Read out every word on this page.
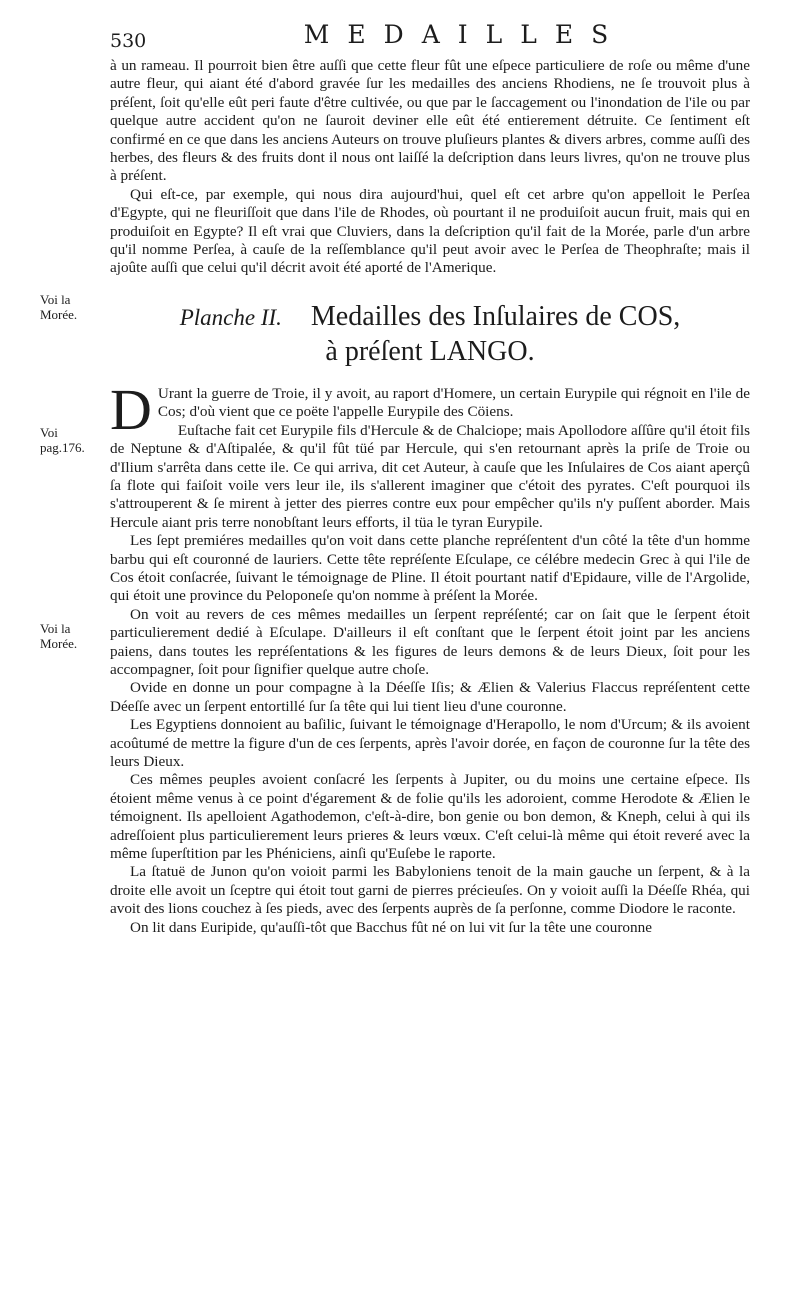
530	MEDAILLES
Voi la Morée.
Voi pag.176.
Voi la Morée.

à un rameau. Il pourroit bien être auſſi que cette fleur fût une eſpece particuliere de roſe ou même d'une autre fleur, qui aiant été d'abord gravée ſur les medailles des anciens Rhodiens, ne ſe trouvoit plus à préſent, ſoit qu'elle eût peri faute d'être cultivée, ou que par le ſaccagement ou l'inondation de l'ile ou par quelque autre accident qu'on ne ſauroit deviner elle eût été entierement détruite. Ce ſentiment eſt confirmé en ce que dans les anciens Auteurs on trouve pluſieurs plantes & divers arbres, comme auſſi des herbes, des fleurs & des fruits dont il nous ont laiſſé la deſcription dans leurs livres, qu'on ne trouve plus à préſent.

Qui eſt-ce, par exemple, qui nous dira aujourd'hui, quel eſt cet arbre qu'on appelloit le Perſea d'Egypte, qui ne fleuriſſoit que dans l'ile de Rhodes, où pourtant il ne produiſoit aucun fruit, mais qui en produiſoit en Egypte? Il eſt vrai que Cluviers, dans la deſcription qu'il fait de la Morée, parle d'un arbre qu'il nomme Perſea, à cauſe de la reſſemblance qu'il peut avoir avec le Perſea de Theophraſte; mais il ajoûte auſſi que celui qu'il décrit avoit été aporté de l'Amerique.

Planche II. Medailles des Inſulaires de COS,
à préſent LANGO.

D Urant la guerre de Troie, il y avoit, au raport d'Homere, un certain Eurypile qui régnoit en l'ile de Cos; d'où vient que ce poëte l'appelle Eurypile des Cöiens.

Euſtache fait cet Eurypile fils d'Hercule & de Chalciope; mais Apollodore aſſûre qu'il étoit fils de Neptune & d'Aſtipalée, & qu'il fût tüé par Hercule, qui s'en retournant après la priſe de Troie ou d'Ilium s'arrêta dans cette ile. Ce qui arriva, dit cet Auteur, à cauſe que les Inſulaires de Cos aiant aperçû ſa flote qui faiſoit voile vers leur ile, ils s'allerent imaginer que c'étoit des pyrates. C'eſt pourquoi ils s'attrouperent & ſe mirent à jetter des pierres contre eux pour empêcher qu'ils n'y puſſent aborder. Mais Hercule aiant pris terre nonobſtant leurs efforts, il tüa le tyran Eurypile.

Les ſept premiéres medailles qu'on voit dans cette planche repréſentent d'un côté la tête d'un homme barbu qui eſt couronné de lauriers. Cette tête repréſente Eſculape, ce célébre medecin Grec à qui l'ile de Cos étoit conſacrée, ſuivant le témoignage de Pline. Il étoit pourtant natif d'Epidaure, ville de l'Argolide, qui étoit une province du Peloponeſe qu'on nomme à préſent la Morée.

On voit au revers de ces mêmes medailles un ſerpent repréſenté; car on ſait que le ſerpent étoit particulierement dedié à Eſculape. D'ailleurs il eſt conſtant que le ſerpent étoit joint par les anciens paiens, dans toutes les repréſentations & les figures de leurs demons & de leurs Dieux, ſoit pour les accompagner, ſoit pour ſignifier quelque autre choſe.

Ovide en donne un pour compagne à la Déeſſe Iſis; & Ælien & Valerius Flaccus repréſentent cette Déeſſe avec un ſerpent entortillé ſur ſa tête qui lui tient lieu d'une couronne.

Les Egyptiens donnoient au baſilic, ſuivant le témoignage d'Herapollo, le nom d'Urcum; & ils avoient acoûtumé de mettre la figure d'un de ces ſerpents, après l'avoir dorée, en façon de couronne ſur la tête des leurs Dieux.

Ces mêmes peuples avoient conſacré les ſerpents à Jupiter, ou du moins une certaine eſpece. Ils étoient même venus à ce point d'égarement & de folie qu'ils les adoroient, comme Herodote & Ælien le témoignent. Ils apelloient Agathodemon, c'eſt-à-dire, bon genie ou bon demon, & Kneph, celui à qui ils adreſſoient plus particulierement leurs prieres & leurs vœux. C'eſt celui-là même qui étoit reveré avec la même ſuperſtition par les Phéniciens, ainſi qu'Euſebe le raporte.

La ſtatuë de Junon qu'on voioit parmi les Babyloniens tenoit de la main gauche un ſerpent, & à la droite elle avoit un ſceptre qui étoit tout garni de pierres précieuſes. On y voioit auſſi la Déeſſe Rhéa, qui avoit des lions couchez à ſes pieds, avec des ſerpents auprès de ſa perſonne, comme Diodore le raconte.

On lit dans Euripide, qu'auſſi-tôt que Bacchus fût né on lui vit ſur la tête une couronne
